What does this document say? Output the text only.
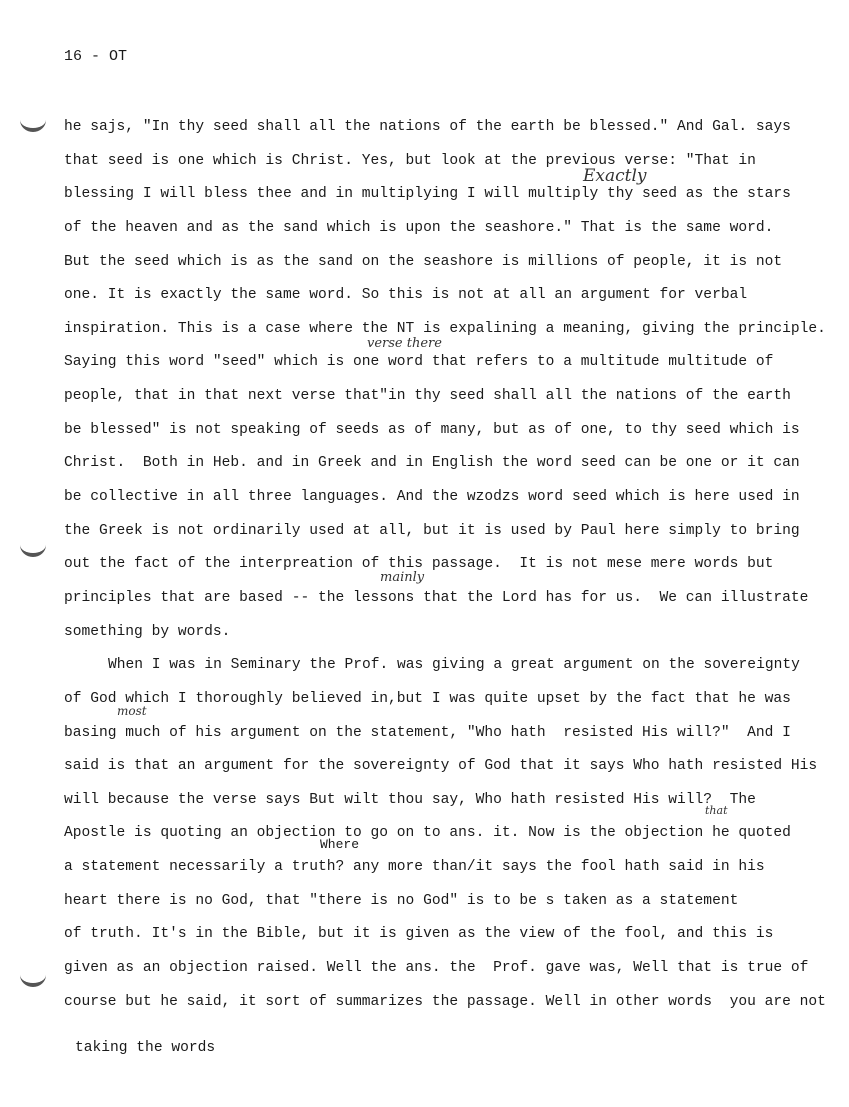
16 - OT
he sajs, "In thy seed shall all the nations of the earth be blessed." And Gal. says
that seed is one which is Christ. Yes, but look at the previous verse: "That in
blessing I will bless thee and in multiplying I will multiply thy seed as the stars
of the heaven and as the sand which is upon the seashore." That is the same word.
But the seed which is as the sand on the seashore is millions of people, it is not
one. It is exactly the same word. So this is not at all an argument for verbal
inspiration. This is a case where the NT is expalining a meaning, giving the principle.
Saying this word "seed" which is one word that refers to a multitude multitude of
people, that in that next verse that"in thy seed shall all the nations of the earth
be blessed" is not speaking of seeds as of many, but as of one, to thy seed which is
Christ.  Both in Heb. and in Greek and in English the word seed can be one or it can
be collective in all three languages. And the wzodzs word seed which is here used in
the Greek is not ordinarily used at all, but it is used by Paul here simply to bring
out the fact of the interpreation of this passage.  It is not mese mere words but
principles that are based -- the lessons that the Lord has for us.  We can illustrate
something by words.
When I was in Seminary the Prof. was giving a great argument on the sovereignty
of God which I thoroughly believed in,but I was quite upset by the fact that he was
basing much of his argument on the statement, "Who hath  resisted His will?"  And I
said is that an argument for the sovereignty of God that it says Who hath resisted His
will because the verse says But wilt thou say, Who hath resisted His will?  The
Apostle is quoting an objection to go on to ans. it. Now is the objection he quoted
a statement necessarily a truth? any more than/it says the fool hath said in his
heart there is no God, that "there is no God" is to be s taken as a statement
of truth. It's in the Bible, but it is given as the view of the fool, and this is
given as an objection raised. Well the ans. the  Prof. gave was, Well that is true of
course but he said, it sort of summarizes the passage. Well in other words  you are not
taking the words
Exactly
verse there
mainly
most
that
Where
